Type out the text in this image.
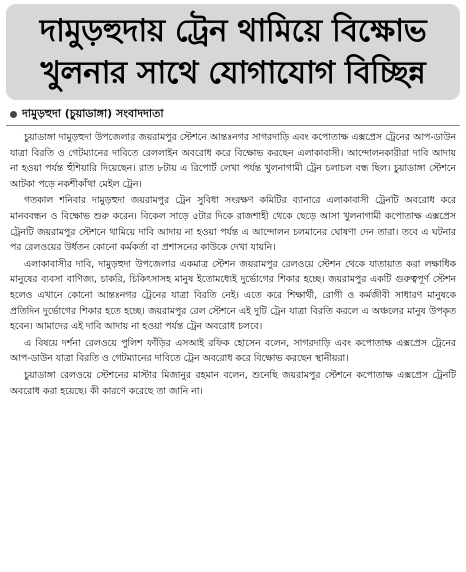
দামুড়হুদায় ট্রেন থামিয়ে বিক্ষোভ
খুলনার সাথে যোগাযোগ বিচ্ছিন্ন
দামুড়হুদা (চুয়াডাঙ্গা) সংবাদদাতা

চুয়াডাঙ্গা দামুড়হুদা উপজেলার জয়রামপুর স্টেশনে আন্তঃনগর সাগরদাড়ি এবং কপোতাক্ষ এক্সপ্রেস ট্রেনের আপ-ডাউন যাত্রা বিরতি ও গেটম্যানের দাবিতে রেললাইন অবরোধ করে বিক্ষোভ করছেন এলাকাবাসী। আন্দোলনকারীরা দাবি আদায় না হওয়া পর্যন্ত হুঁশিয়ারি দিয়েছেন। রাত ৮টায় এ রিপোর্ট লেখা পর্যন্ত খুলনাগামী ট্রেন চলাচল বন্ধ ছিল। চুয়াডাঙ্গা স্টেশনে আটকা পড়ে নকশীকাঁথা মেইল ট্রেন।

গতকাল শনিবার দামুড়হুদা জয়রামপুর ট্রেন সুবিধা সংরক্ষণ কমিটির ব্যানারে এলাকাবাসী ট্রেনটি অবরোধ করে মানববন্ধন ও বিক্ষোভ শুরু করেন। বিকেল সাড়ে ৫টার দিকে রাজশাহী থেকে ছেড়ে আসা খুলনাগামী কপোতাক্ষ এক্সপ্রেস ট্রেনটি জয়রামপুর স্টেশনে থামিয়ে দাবি আদায় না হওয়া পর্যন্ত এ আন্দোলন চলমানের ঘোষণা দেন তারা। তবে এ ঘটনার পর রেলওয়ের উর্ধতন কোনো কর্মকর্তা বা প্রশাসনের কাউকে দেখা যায়নি।

এলাকাবাসীর দাবি, দামুড়হুদা উপজেলার একমাত্র স্টেশন জয়রামপুর রেলওয়ে স্টেশন থেকে যাতায়াত করা লক্ষাধিক মানুষের ব্যবসা বাণিজ্য, চাকরি, চিকিৎসাসহ মানুষ ইতোমধ্যেই দুর্ভোগের শিকার হচ্ছে। জয়রামপুর একটি গুরুত্বপূর্ণ স্টেশন হলেও এখানে কোনো আন্তঃনগর ট্রেনের যাত্রা বিরতি নেই। এতে করে শিক্ষার্থী, রোগী ও কর্মজীবী সাধারণ মানুষকে প্রতিদিন দুর্ভোগের শিকার হতে হচ্ছে। জয়রামপুর রেল স্টেশনে এই দুটি ট্রেন যাত্রা বিরতি করলে এ অঞ্চলের মানুষ উপকৃত হবেন। আমাদের এই দাবি আদায় না হওয়া পর্যন্ত ট্রেন অবরোধ চলবে।

এ বিষয়ে দর্শনা রেলওয়ে পুলিশ ফাঁড়ির এসআই রফিক হোসেন বলেন, সাগরদাড়ি এবং কপোতাক্ষ এক্সপ্রেস ট্রেনের আপ-ডাউন যাত্রা বিরতি ও গেটম্যানের দাবিতে ট্রেন অবরোধ করে বিক্ষোভ করছেন স্থানীয়রা।

চুয়াডাঙ্গা রেলওয়ে স্টেশনের মাস্টার মিজানুর রহমান বলেন, শুনেছি জয়রামপুর স্টেশনে কপোতাক্ষ এক্সপ্রেস ট্রেনটি অবরোধ করা হয়েছে। কী কারণে করেছে তা জানি না।
